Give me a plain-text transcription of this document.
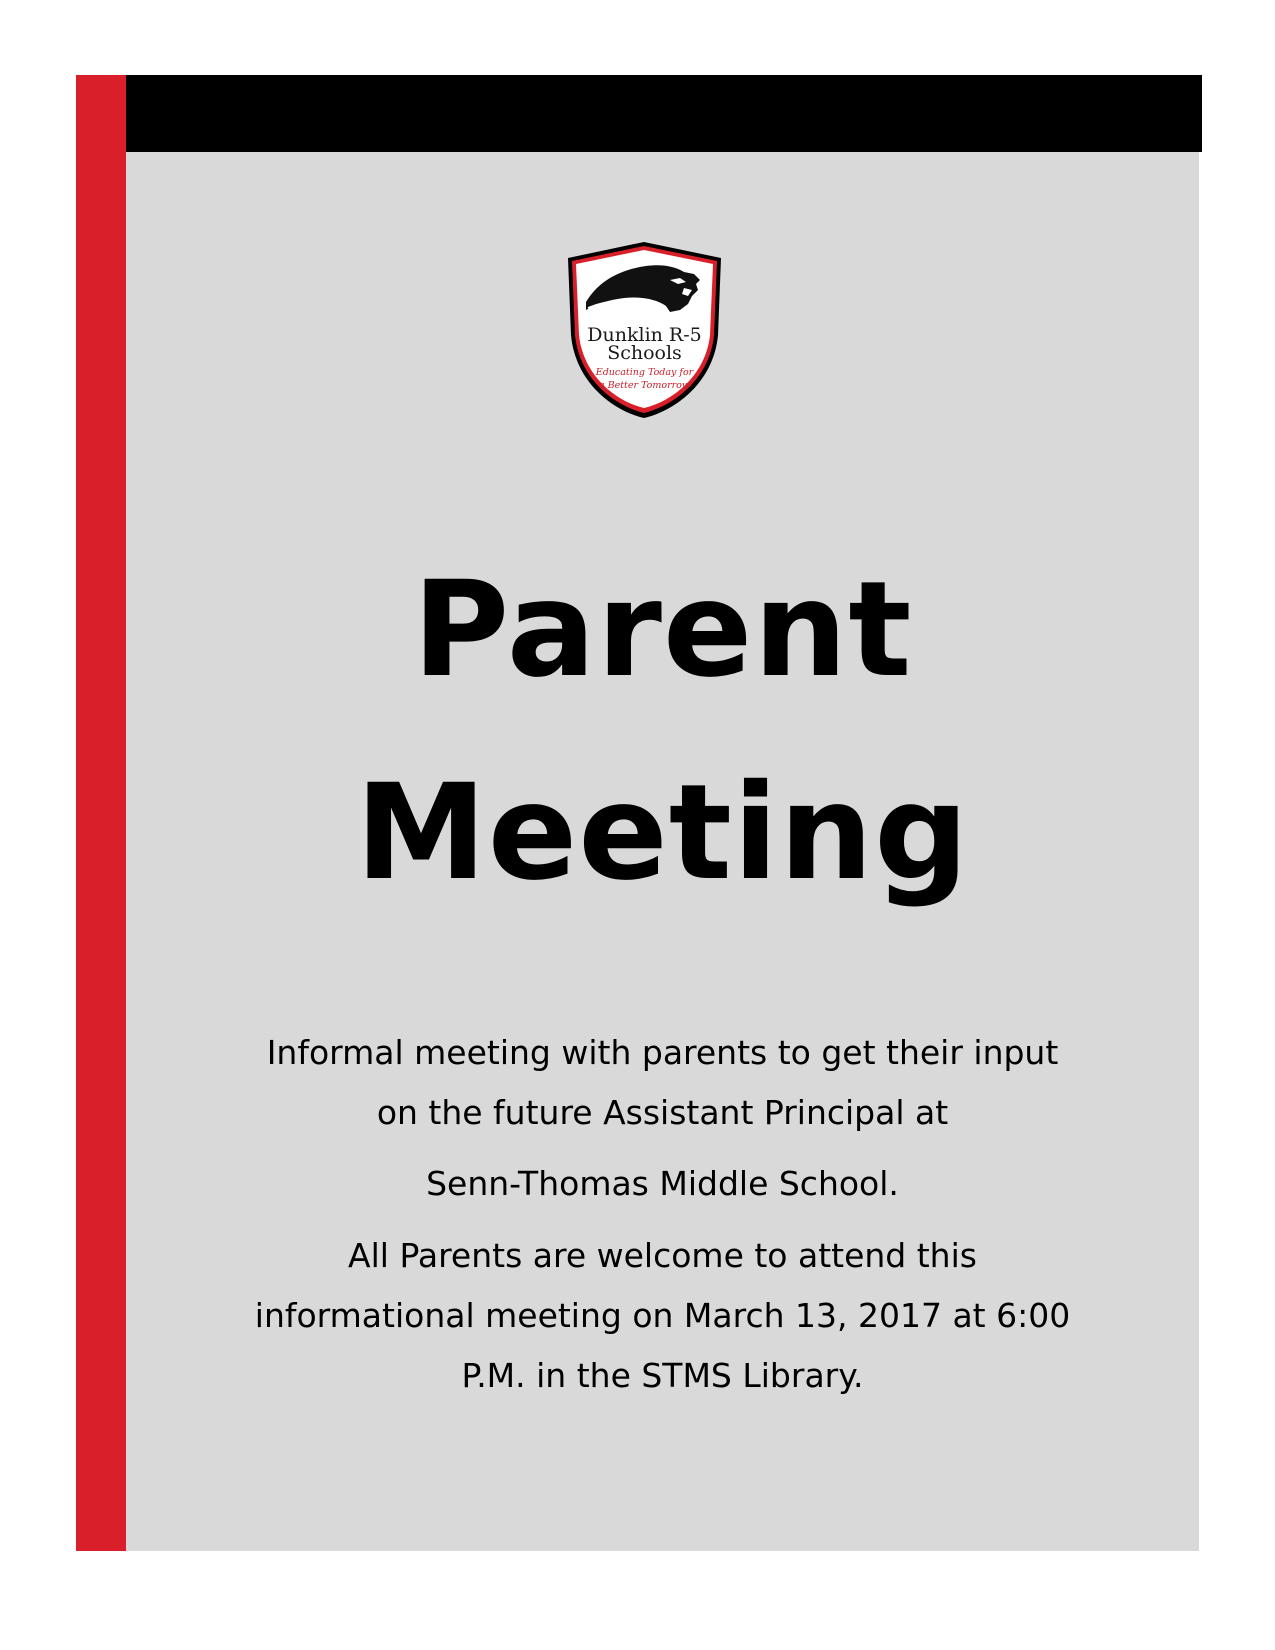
Dunklin R-5
Schools
Educating Today for
a Better Tomorrow
Parent
Meeting
Informal meeting with parents to get their input
on the future Assistant Principal at
Senn-Thomas Middle School.
All Parents are welcome to attend this
informational meeting on March 13, 2017 at 6:00
P.M. in the STMS Library.
